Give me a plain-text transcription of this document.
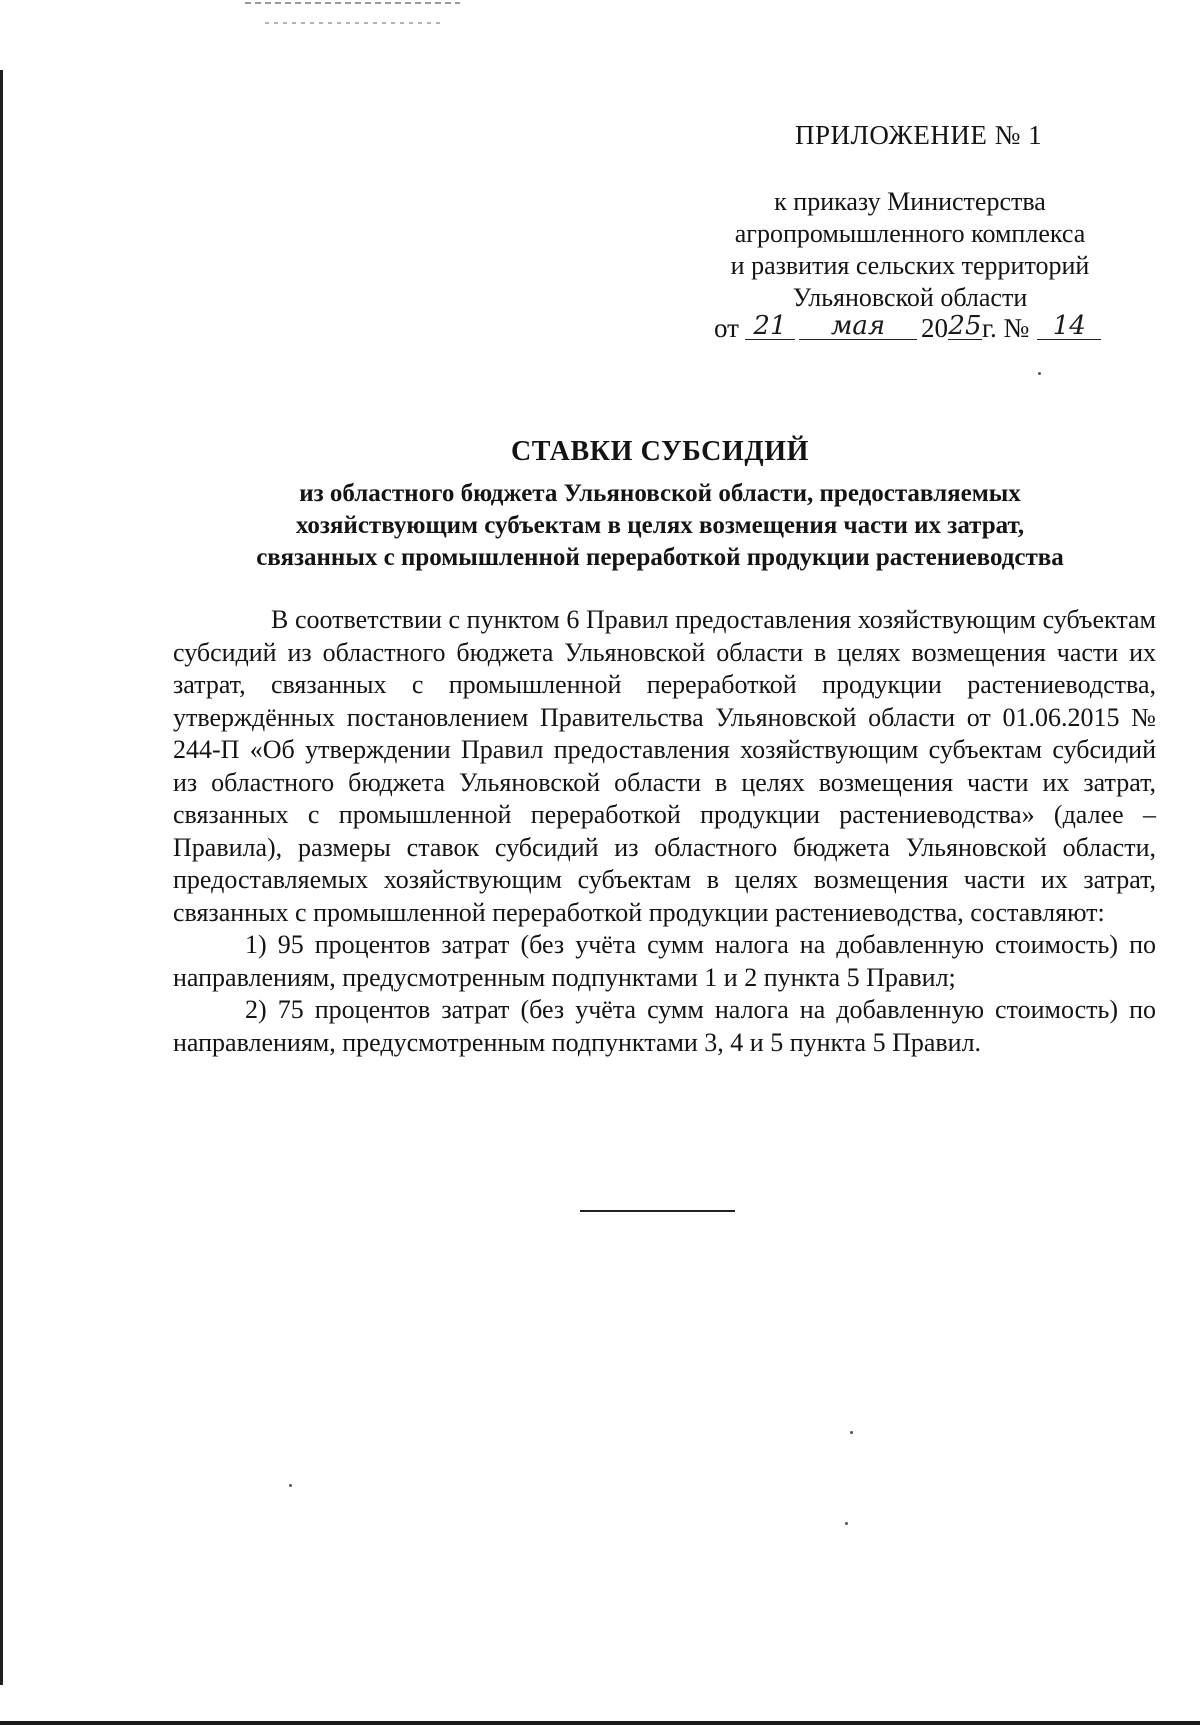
ПРИЛОЖЕНИЕ № 1
к приказу Министерства
агропромышленного комплекса
и развития сельских территорий
Ульяновской области
от 21	мая	20 25 г. № 14
СТАВКИ СУБСИДИЙ
из областного бюджета Ульяновской области, предоставляемых
хозяйствующим субъектам в целях возмещения части их затрат,
связанных с промышленной переработкой продукции растениеводства

В соответствии с пунктом 6 Правил предоставления хозяйствующим субъектам субсидий из областного бюджета Ульяновской области в целях возмещения части их затрат, связанных с промышленной переработкой продукции растениеводства, утверждённых постановлением Правительства Ульяновской области от 01.06.2015 № 244-П «Об утверждении Правил предоставления хозяйствующим субъектам субсидий из областного бюджета Ульяновской области в целях возмещения части их затрат, связанных с промышленной переработкой продукции растениеводства» (далее – Правила), размеры ставок субсидий из областного бюджета Ульяновской области, предоставляемых хозяйствующим субъектам в целях возмещения части их затрат, связанных с промышленной переработкой продукции растениеводства, составляют:

1) 95 процентов затрат (без учёта сумм налога на добавленную стоимость) по направлениям, предусмотренным подпунктами 1 и 2 пункта 5 Правил;

2) 75 процентов затрат (без учёта сумм налога на добавленную стоимость) по направлениям, предусмотренным подпунктами 3, 4 и 5 пункта 5 Правил.
